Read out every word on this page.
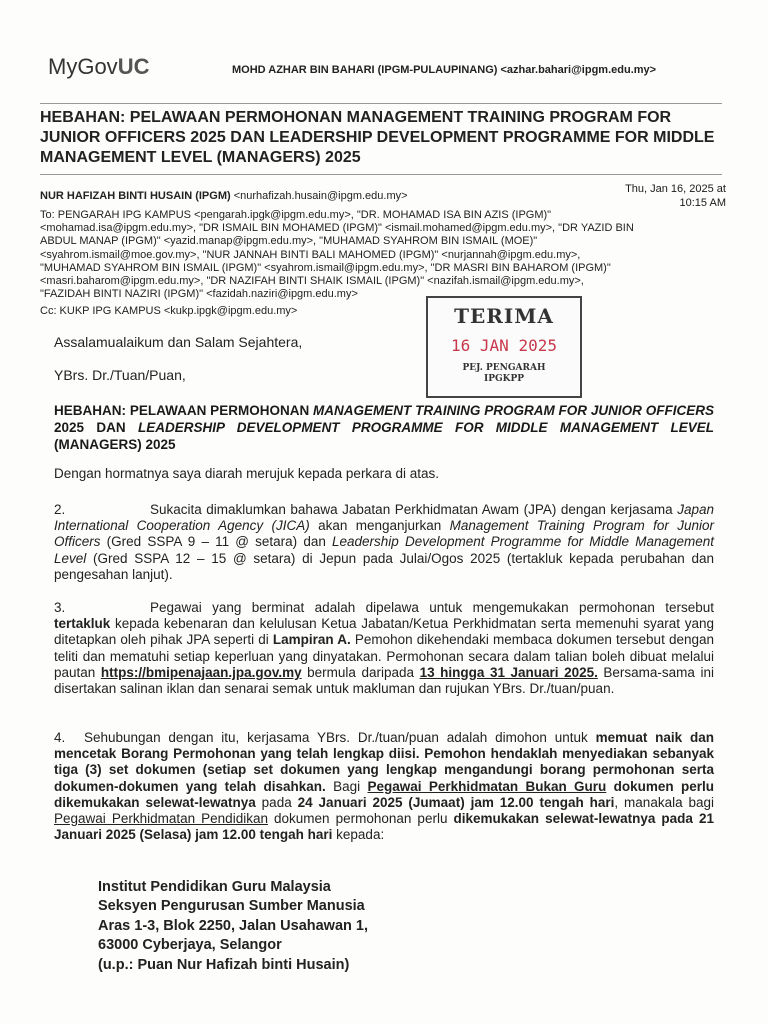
MyGovUC	MOHD AZHAR BIN BAHARI (IPGM-PULAUPINANG) <azhar.bahari@ipgm.edu.my>
HEBAHAN: PELAWAAN PERMOHONAN MANAGEMENT TRAINING PROGRAM FOR JUNIOR OFFICERS 2025 DAN LEADERSHIP DEVELOPMENT PROGRAMME FOR MIDDLE MANAGEMENT LEVEL (MANAGERS) 2025
NUR HAFIZAH BINTI HUSAIN (IPGM) <nurhafizah.husain@ipgm.edu.my>
Thu, Jan 16, 2025 at 10:15 AM
To: PENGARAH IPG KAMPUS <pengarah.ipgk@ipgm.edu.my>, "DR. MOHAMAD ISA BIN AZIS (IPGM)"
<mohamad.isa@ipgm.edu.my>, "DR ISMAIL BIN MOHAMED (IPGM)" <ismail.mohamed@ipgm.edu.my>, "DR YAZID BIN
ABDUL MANAP (IPGM)" <yazid.manap@ipgm.edu.my>, "MUHAMAD SYAHROM BIN ISMAIL (MOE)"
<syahrom.ismail@moe.gov.my>, "NUR JANNAH BINTI BALI MAHOMED (IPGM)" <nurjannah@ipgm.edu.my>,
"MUHAMAD SYAHROM BIN ISMAIL (IPGM)" <syahrom.ismail@ipgm.edu.my>, "DR MASRI BIN BAHAROM (IPGM)"
<masri.baharom@ipgm.edu.my>, "DR NAZIFAH BINTI SHAIK ISMAIL (IPGM)" <nazifah.ismail@ipgm.edu.my>,
"FAZIDAH BINTI NAZIRI (IPGM)" <fazidah.naziri@ipgm.edu.my>
Cc: KUKP IPG KAMPUS <kukp.ipgk@ipgm.edu.my>	TERIMA
16 JAN 2025
PEJ. PENGARAH
IPGKPP
Assalamualaikum dan Salam Sejahtera,
YBrs. Dr./Tuan/Puan,
HEBAHAN: PELAWAAN PERMOHONAN MANAGEMENT TRAINING PROGRAM FOR JUNIOR OFFICERS 2025 DAN LEADERSHIP DEVELOPMENT PROGRAMME FOR MIDDLE MANAGEMENT LEVEL (MANAGERS) 2025
Dengan hormatnya saya diarah merujuk kepada perkara di atas.
2.	Sukacita dimaklumkan bahawa Jabatan Perkhidmatan Awam (JPA) dengan kerjasama Japan International Cooperation Agency (JICA) akan menganjurkan Management Training Program for Junior Officers (Gred SSPA 9 – 11 @ setara) dan Leadership Development Programme for Middle Management Level (Gred SSPA 12 – 15 @ setara) di Jepun pada Julai/Ogos 2025 (tertakluk kepada perubahan dan pengesahan lanjut).
3.	Pegawai yang berminat adalah dipelawa untuk mengemukakan permohonan tersebut tertakluk kepada kebenaran dan kelulusan Ketua Jabatan/Ketua Perkhidmatan serta memenuhi syarat yang ditetapkan oleh pihak JPA seperti di Lampiran A. Pemohon dikehendaki membaca dokumen tersebut dengan teliti dan mematuhi setiap keperluan yang dinyatakan. Permohonan secara dalam talian boleh dibuat melalui pautan https://bmipenajaan.jpa.gov.my bermula daripada 13 hingga 31 Januari 2025. Bersama-sama ini disertakan salinan iklan dan senarai semak untuk makluman dan rujukan YBrs. Dr./tuan/puan.
4. Sehubungan dengan itu, kerjasama YBrs. Dr./tuan/puan adalah dimohon untuk memuat naik dan mencetak Borang Permohonan yang telah lengkap diisi. Pemohon hendaklah menyediakan sebanyak tiga (3) set dokumen (setiap set dokumen yang lengkap mengandungi borang permohonan serta dokumen-dokumen yang telah disahkan. Bagi Pegawai Perkhidmatan Bukan Guru dokumen perlu dikemukakan selewat-lewatnya pada 24 Januari 2025 (Jumaat) jam 12.00 tengah hari, manakala bagi Pegawai Perkhidmatan Pendidikan dokumen permohonan perlu dikemukakan selewat-lewatnya pada 21 Januari 2025 (Selasa) jam 12.00 tengah hari kepada:
Institut Pendidikan Guru Malaysia
Seksyen Pengurusan Sumber Manusia
Aras 1-3, Blok 2250, Jalan Usahawan 1,
63000 Cyberjaya, Selangor
(u.p.: Puan Nur Hafizah binti Husain)
